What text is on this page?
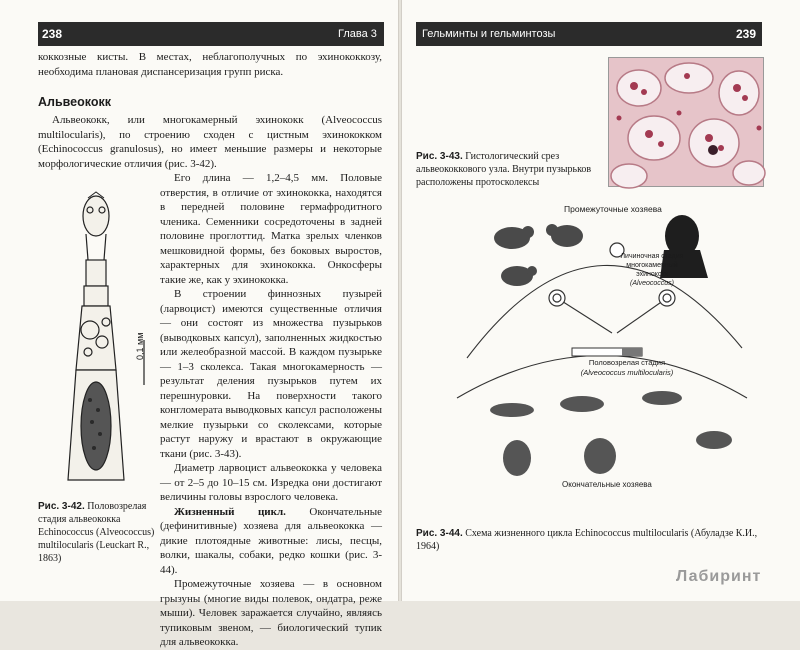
238	Глава 3

коккозные кисты. В местах, неблагополучных по эхинококкозу, необходима плановая диспансеризация групп риска.

Альвеококк

Альвеококк, или многокамерный эхинококк (Alveococcus multilocularis), по строению сходен с цистным эхинококком (Echinococcus granulosus), но имеет меньшие размеры и некоторые морфологические отличия (рис. 3-42).

Его длина — 1,2–4,5 мм. Половые отверстия, в отличие от эхинококка, находятся в передней половине гермафродитного членика. Семенники сосредоточены в задней половине проглоттид. Матка зрелых членков мешковидной формы, без боковых выростов, характерных для эхинококка. Онкосферы такие же, как у эхинококка.

В строении финнозных пузырей (ларвоцист) имеются существенные отличия — они состоят из множества пузырьков (выводковых капсул), заполненных жидкостью или желеобразной массой. В каждом пузырьке — 1–3 сколекса. Такая многокамерность — результат деления пузырьков путем их перешнуровки. На поверхности такого конгломерата выводковых капсул расположены мелкие пузырьки со сколексами, которые растут наружу и врастают в окружающие ткани (рис. 3-43).

Диаметр ларвоцист альвеококка у человека — от 2–5 до 10–15 см. Изредка они достигают величины головы взрослого человека.

Жизненный цикл. Окончательные (дефинитивные) хозяева для альвеококка — дикие плотоядные животные: лисы, песцы, волки, шакалы, собаки, редко кошки (рис. 3-44).

Промежуточные хозяева — в основном грызуны (многие виды полевок, ондатра, реже мыши). Человек заражается случайно, являясь тупиковым звеном, — биологический тупик для альвеококка.

0,1 мм
Рис. 3-42. Половозрелая стадия альвеококка Echinococcus (Alveococcus) multilocularis (Leuckart R., 1863)
Гельминты и гельминтозы	239
Рис. 3-43. Гистологический срез альвеококкового узла. Внутри пузырьков расположены протосколексы
Промежуточные хозяева
Личиночная стадия
многокамерный эхинококк
(Alveococcus)
Половозрелая стадия
(Alveococcus multilocularis)
Окончательные хозяева
Рис. 3-44. Схема жизненного цикла Echinococcus multilocularis (Абуладзе К.И., 1964)
Лабиринт
